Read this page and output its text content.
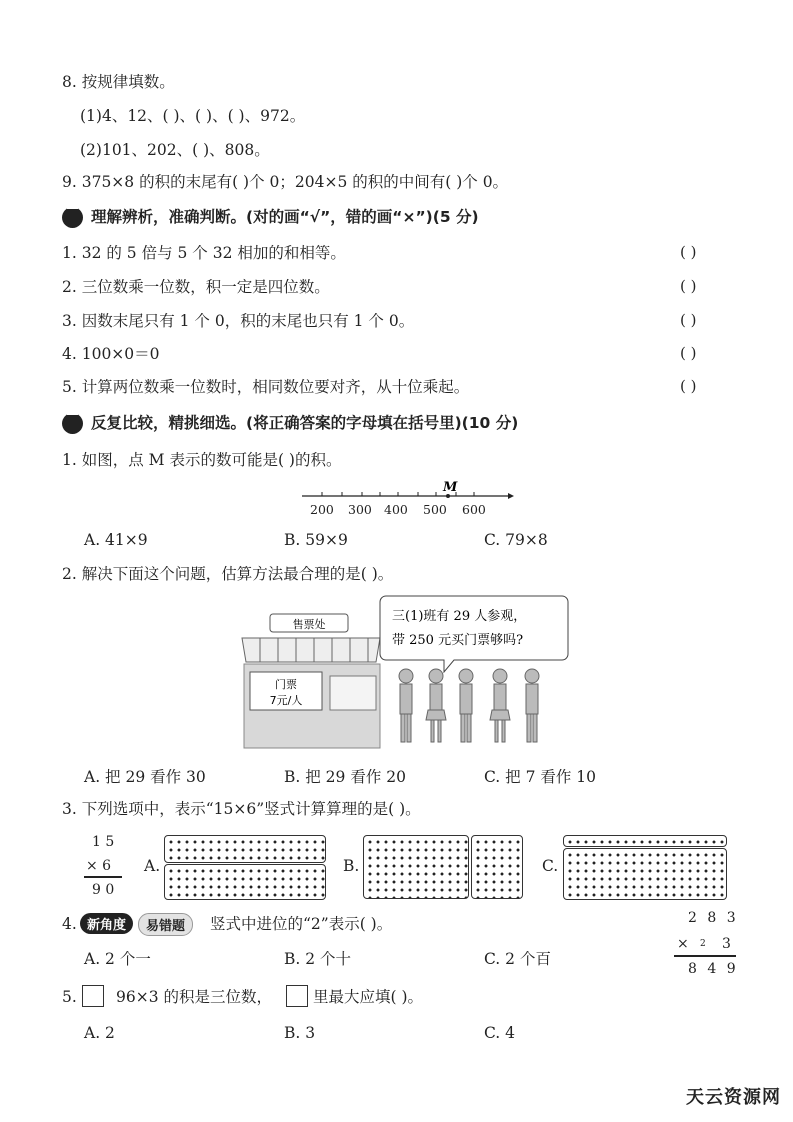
8. 按规律填数。
(1)4、12、( )、( )、( )、972。
(2)101、202、( )、808。
9. 375×8 的积的末尾有( )个 0；204×5 的积的中间有( )个 0。
理解辨析，准确判断。(对的画“√”，错的画“×”)(5 分)
1. 32 的 5 倍与 5 个 32 相加的和相等。	( )
2. 三位数乘一位数，积一定是四位数。	( )
3. 因数末尾只有 1 个 0，积的末尾也只有 1 个 0。	( )
4. 100×0＝0	( )
5. 计算两位数乘一位数时，相同数位要对齐，从十位乘起。	( )
反复比较，精挑细选。(将正确答案的字母填在括号里)(10 分)
1. 如图，点 M 表示的数可能是( )的积。
M
200 300 400 500 600
A. 41×9	B. 59×9	C. 79×8
2. 解决下面这个问题，估算方法最合理的是( )。
售票处
门票
7元/人
三(1)班有 29 人参观，
带 250 元买门票够吗?
A. 把 29 看作 30	B. 把 29 看作 20	C. 把 7 看作 10
3. 下列选项中，表示“15×6”竖式计算算理的是( )。
1 5
× 6
9 0
A.	B.	C.
4. 新角度	易错题	竖式中进位的“2”表示( )。	2 8 3
× 2 3
8 4 9
A. 2 个一	B. 2 个十	C. 2 个百
5.	96×3 的积是三位数，	里最大应填( )。
A. 2	B. 3	C. 4
天云资源网
